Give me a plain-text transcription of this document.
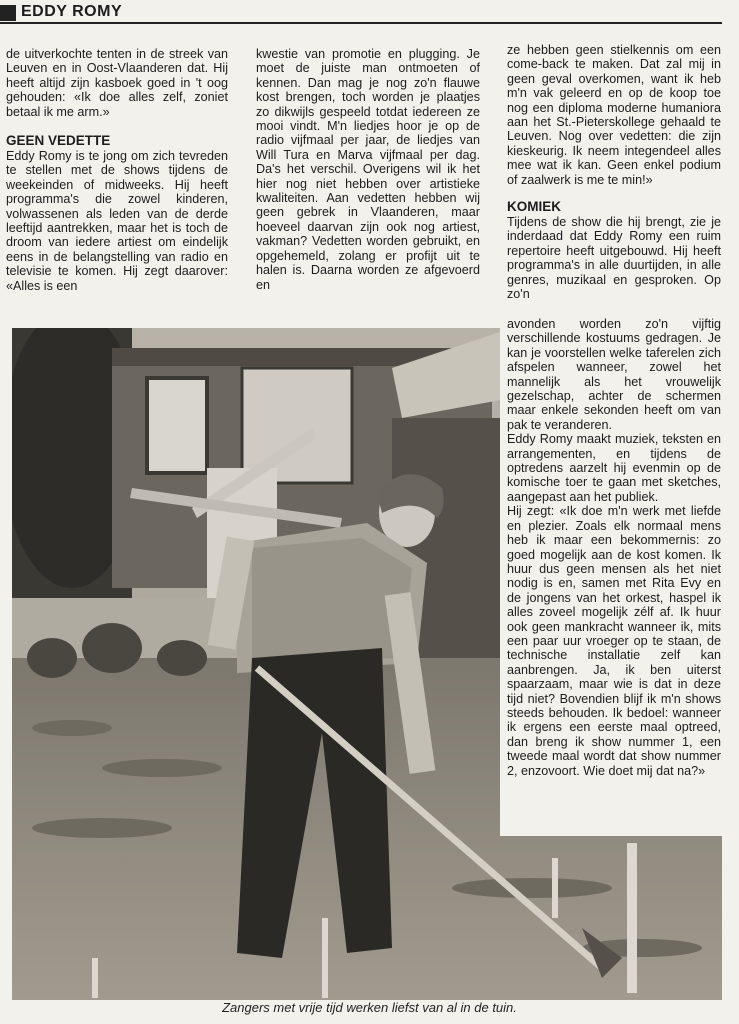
EDDY ROMY

de uitverkochte tenten in de streek van Leuven en in Oost-Vlaanderen dat. Hij heeft altijd zijn kasboek goed in 't oog gehouden: «Ik doe alles zelf, zoniet betaal ik me arm.»

GEEN VEDETTE

Eddy Romy is te jong om zich tevreden te stellen met de shows tijdens de weekeinden of midweeks. Hij heeft programma's die zowel kinderen, volwassenen als leden van de derde leeftijd aantrekken, maar het is toch de droom van iedere artiest om eindelijk eens in de belangstelling van radio en televisie te komen. Hij zegt daarover: «Alles is een

kwestie van promotie en plugging. Je moet de juiste man ontmoeten of kennen. Dan mag je nog zo'n flauwe kost brengen, toch worden je plaatjes zo dikwijls gespeeld totdat iedereen ze mooi vindt. M'n liedjes hoor je op de radio vijfmaal per jaar, de liedjes van Will Tura en Marva vijfmaal per dag. Da's het verschil. Overigens wil ik het hier nog niet hebben over artistieke kwaliteiten. Aan vedetten hebben wij geen gebrek in Vlaanderen, maar hoeveel daarvan zijn ook nog artiest, vakman? Vedetten worden gebruikt, en opgehemeld, zolang er profijt uit te halen is. Daarna worden ze afgevoerd en

ze hebben geen stielkennis om een come-back te maken. Dat zal mij in geen geval overkomen, want ik heb m'n vak geleerd en op de koop toe nog een diploma moderne humaniora aan het St.-Pieterskollege gehaald te Leuven. Nog over vedetten: die zijn kieskeurig. Ik neem integendeel alles mee wat ik kan. Geen enkel podium of zaalwerk is me te min!»

KOMIEK

Tijdens de show die hij brengt, zie je inderdaad dat Eddy Romy een ruim repertoire heeft uitgebouwd. Hij heeft programma's in alle duurtijden, in alle genres, muzikaal en gesproken. Op zo'n

avonden worden zo'n vijftig verschillende kostuums gedragen. Je kan je voorstellen welke taferelen zich afspelen wanneer, zowel het mannelijk als het vrouwelijk gezelschap, achter de schermen maar enkele sekonden heeft om van pak te veranderen.

Eddy Romy maakt muziek, teksten en arrangementen, en tijdens de optredens aarzelt hij evenmin op de komische toer te gaan met sketches, aangepast aan het publiek.

Hij zegt: «Ik doe m'n werk met liefde en plezier. Zoals elk normaal mens heb ik maar een bekommernis: zo goed mogelijk aan de kost komen. Ik huur dus geen mensen als het niet nodig is en, samen met Rita Evy en de jongens van het orkest, haspel ik alles zoveel mogelijk zélf af. Ik huur ook geen mankracht wanneer ik, mits een paar uur vroeger op te staan, de technische installatie zelf kan aanbrengen. Ja, ik ben uiterst spaarzaam, maar wie is dat in deze tijd niet? Bovendien blijf ik m'n shows steeds behouden. Ik bedoel: wanneer ik ergens een eerste maal optreed, dan breng ik show nummer 1, een tweede maal wordt dat show nummer 2, enzovoort. Wie doet mij dat na?»

Zangers met vrije tijd werken liefst van al in de tuin.
